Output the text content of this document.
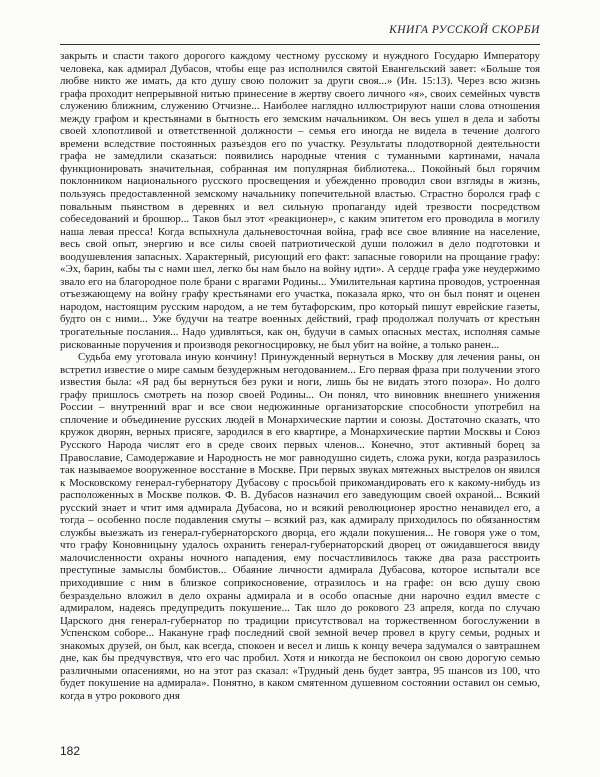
КНИГА РУССКОЙ СКОРБИ

закрыть и спасти такого дорогого каждому честному русскому и нуждного Государю Императору человека, как адмирал Дубасов, чтобы еще раз исполнился святой Евангельский завет: «Больше тоя любве никто же имать, да кто душу свою положит за други своя...» (Ин. 15:13). Через всю жизнь графа проходит непрерывной нитью принесение в жертву своего личного «я», своих семейных чувств служению ближним, служению Отчизне... Наиболее наглядно иллюстрируют наши слова отношения между графом и крестьянами в бытность его земским начальником. Он весь ушел в дела и заботы своей хлопотливой и ответственной должности – семья его иногда не видела в течение долгого времени вследствие постоянных разъездов его по участку. Результаты плодотворной деятельности графа не замедлили сказаться: появились народные чтения с туманными картинами, начала функционировать значительная, собранная им популярная библиотека... Покойный был горячим поклонником национального русского просвещения и убежденно проводил свои взгляды в жизнь, пользуясь предоставленной земскому начальнику попечительной властью. Страстно боролся граф с повальным пьянством в деревнях и вел сильную пропаганду идей трезвости посредством собеседований и брошюр... Таков был этот «реакционер», с каким эпитетом его проводила в могилу наша левая пресса! Когда вспыхнула дальневосточная война, граф все свое влияние на население, весь свой опыт, энергию и все силы своей патриотической души положил в дело подготовки и воодушевления запасных. Характерный, рисующий его факт: запасные говорили на прощание графу: «Эх, барин, кабы ты с нами шел, легко бы нам было на войну идти». А сердце графа уже неудержимо звало его на благородное поле брани с врагами Родины... Умилительная картина проводов, устроенная отъезжающему на войну графу крестьянами его участка, показала ярко, что он был понят и оценен народом, настоящим русским народом, а не тем бутафорским, про который пишут еврейские газеты, будто он с ними... Уже будучи на театре военных действий, граф продолжал получать от крестьян трогательные послания... Надо удивляться, как он, будучи в самых опасных местах, исполняя самые рискованные поручения и производя рекогносцировку, не был убит на войне, а только ранен...

Судьба ему уготовала иную кончину! Принужденный вернуться в Москву для лечения раны, он встретил известие о мире самым безудержным негодованием... Его первая фраза при получении этого известия была: «Я рад бы вернуться без руки и ноги, лишь бы не видать этого позора». Но долго графу пришлось смотреть на позор своей Родины... Он понял, что виновник внешнего унижения России – внутренний враг и все свои недюжинные организаторские способности употребил на сплочение и объединение русских людей в Монархические партии и союзы. Достаточно сказать, что кружок дворян, верных присяге, зародился в его квартире, а Монархические партии Москвы и Союз Русского Народа числят его в среде своих первых членов... Конечно, этот активный борец за Православие, Самодержавие и Народность не мог равнодушно сидеть, сложа руки, когда разразилось так называемое вооруженное восстание в Москве. При первых звуках мятежных выстрелов он явился к Московскому генерал-губернатору Дубасову с просьбой прикомандировать его к какому-нибудь из расположенных в Москве полков. Ф. В. Дубасов назначил его заведующим своей охраной... Всякий русский знает и чтит имя адмирала Дубасова, но и всякий революционер яростно ненавидел его, а тогда – особенно после подавления смуты – всякий раз, как адмиралу приходилось по обязанностям службы выезжать из генерал-губернаторского дворца, его ждали покушения... Не говоря уже о том, что графу Коновницыну удалось охранить генерал-губернаторский дворец от ожидавшегося ввиду малочисленности охраны ночного нападения, ему посчастливилось также два раза расстроить преступные замыслы бомбистов... Обаяние личности адмирала Дубасова, которое испытали все приходившие с ним в близкое соприкосновение, отразилось и на графе: он всю душу свою безраздельно вложил в дело охраны адмирала и в особо опасные дни нарочно ездил вместе с адмиралом, надеясь предупредить покушение... Так шло до рокового 23 апреля, когда по случаю Царского дня генерал-губернатор по традиции присутствовал на торжественном богослужении в Успенском соборе... Накануне граф последний свой земной вечер провел в кругу семьи, родных и знакомых друзей, он был, как всегда, спокоен и весел и лишь к концу вечера задумался о завтрашнем дне, как бы предчувствуя, что его час пробил. Хотя и никогда не беспокоил он свою дорогую семью различными опасениями, но на этот раз сказал: «Трудный день будет завтра, 95 шансов из 100, что будет покушение на адмирала». Понятно, в каком смятенном душевном состоянии оставил он семью, когда в утро рокового дня

182
